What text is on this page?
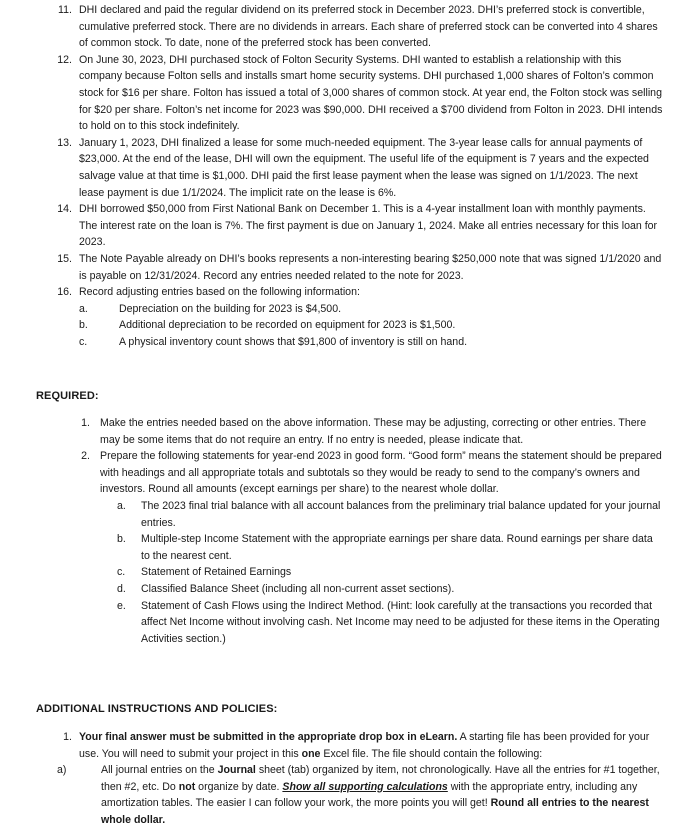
11. DHI declared and paid the regular dividend on its preferred stock in December 2023. DHI’s preferred stock is convertible, cumulative preferred stock. There are no dividends in arrears. Each share of preferred stock can be converted into 4 shares of common stock. To date, none of the preferred stock has been converted.
12. On June 30, 2023, DHI purchased stock of Folton Security Systems. DHI wanted to establish a relationship with this company because Folton sells and installs smart home security systems. DHI purchased 1,000 shares of Folton’s common stock for $16 per share. Folton has issued a total of 3,000 shares of common stock. At year end, the Folton stock was selling for $20 per share. Folton’s net income for 2023 was $90,000. DHI received a $700 dividend from Folton in 2023. DHI intends to hold on to this stock indefinitely.
13. January 1, 2023, DHI finalized a lease for some much-needed equipment. The 3-year lease calls for annual payments of $23,000. At the end of the lease, DHI will own the equipment. The useful life of the equipment is 7 years and the expected salvage value at that time is $1,000. DHI paid the first lease payment when the lease was signed on 1/1/2023. The next lease payment is due 1/1/2024. The implicit rate on the lease is 6%.
14. DHI borrowed $50,000 from First National Bank on December 1. This is a 4-year installment loan with monthly payments. The interest rate on the loan is 7%. The first payment is due on January 1, 2024. Make all entries necessary for this loan for 2023.
15. The Note Payable already on DHI’s books represents a non-interesting bearing $250,000 note that was signed 1/1/2020 and is payable on 12/31/2024. Record any entries needed related to the note for 2023.
16. Record adjusting entries based on the following information:
a.	Depreciation on the building for 2023 is $4,500.
b.	Additional depreciation to be recorded on equipment for 2023 is $1,500.
c.	A physical inventory count shows that $91,800 of inventory is still on hand.
REQUIRED:
1. Make the entries needed based on the above information. These may be adjusting, correcting or other entries. There may be some items that do not require an entry. If no entry is needed, please indicate that.
2. Prepare the following statements for year-end 2023 in good form. “Good form” means the statement should be prepared with headings and all appropriate totals and subtotals so they would be ready to send to the company’s owners and investors. Round all amounts (except earnings per share) to the nearest whole dollar.
a.	The 2023 final trial balance with all account balances from the preliminary trial balance updated for your journal entries.
b.	Multiple-step Income Statement with the appropriate earnings per share data. Round earnings per share data to the nearest cent.
c.	Statement of Retained Earnings
d.	Classified Balance Sheet (including all non-current asset sections).
e.	Statement of Cash Flows using the Indirect Method. (Hint: look carefully at the transactions you recorded that affect Net Income without involving cash. Net Income may need to be adjusted for these items in the Operating Activities section.)
ADDITIONAL INSTRUCTIONS AND POLICIES:
1. Your final answer must be submitted in the appropriate drop box in eLearn. A starting file has been provided for your use. You will need to submit your project in this one Excel file. The file should contain the following:
a)	All journal entries on the Journal sheet (tab) organized by item, not chronologically. Have all the entries for #1 together, then #2, etc. Do not organize by date. Show all supporting calculations with the appropriate entry, including any amortization tables. The easier I can follow your work, the more points you will get! Round all entries to the nearest whole dollar.
